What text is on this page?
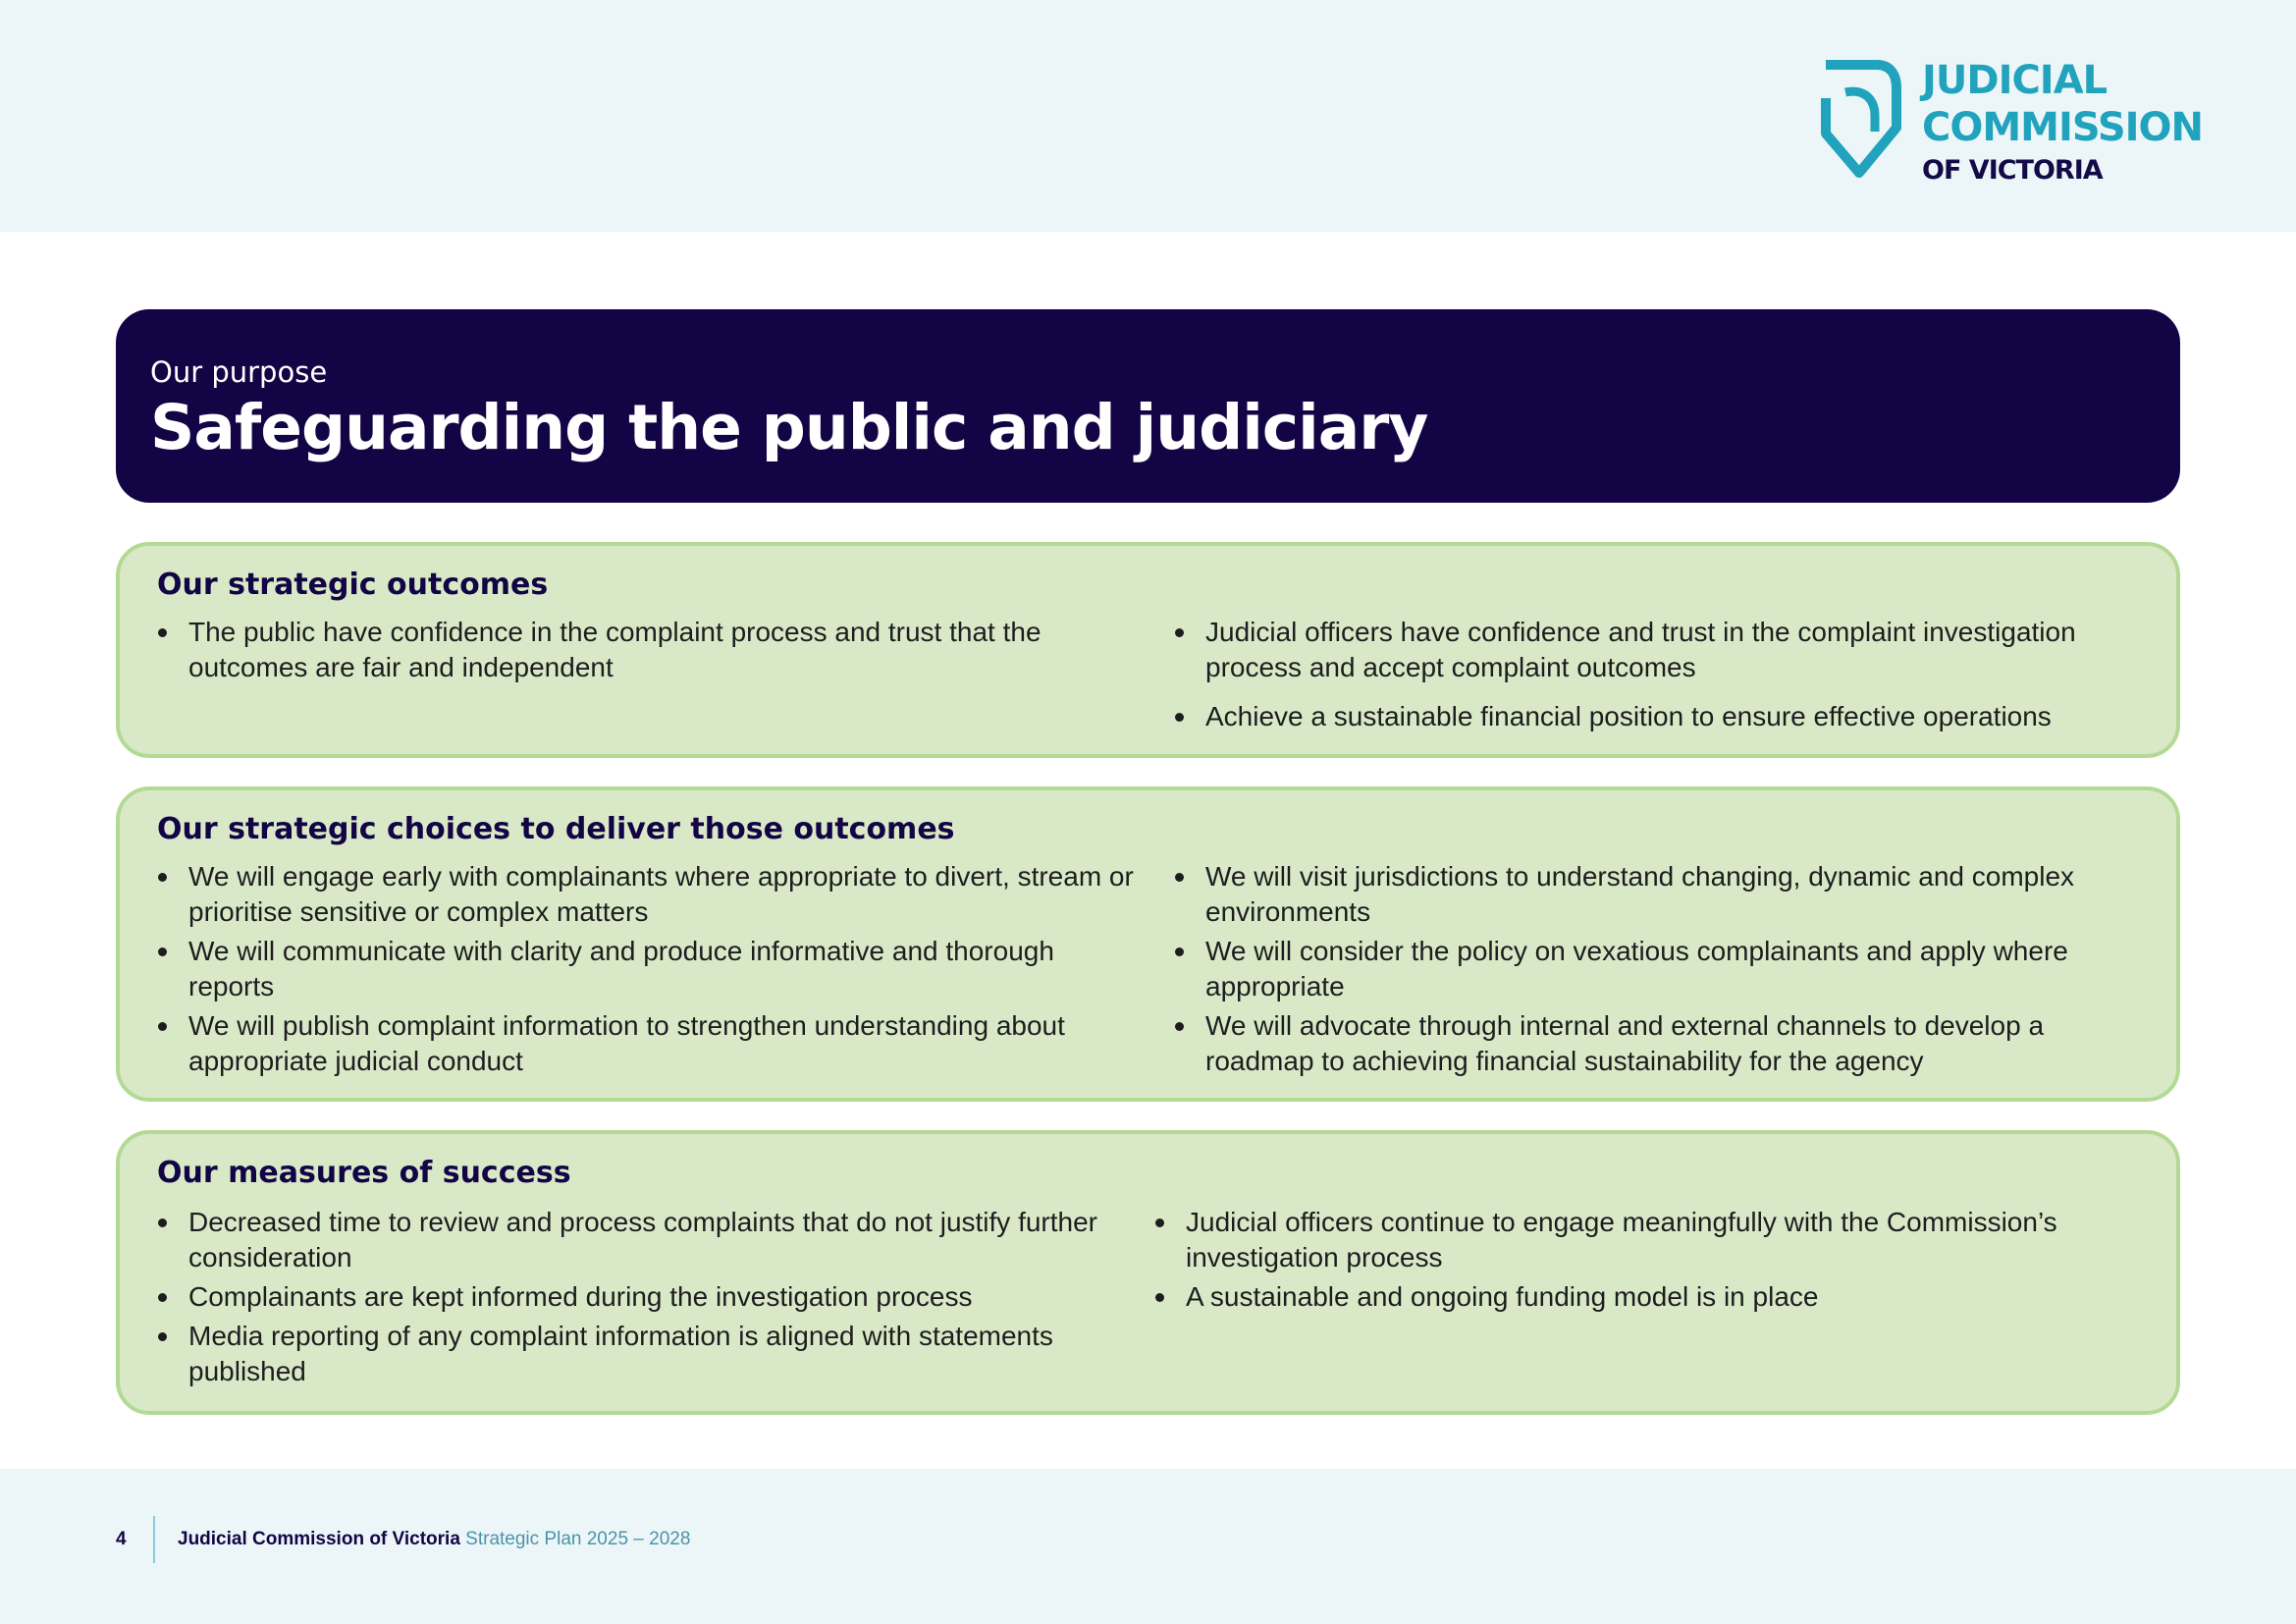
JUDICIAL
COMMISSION
OF VICTORIA
Our purpose
Safeguarding the public and judiciary
Our strategic outcomes
The public have confidence in the complaint process and trust that the outcomes are fair and independent
Judicial officers have confidence and trust in the complaint investigation process and accept complaint outcomes
Achieve a sustainable financial position to ensure effective operations
Our strategic choices to deliver those outcomes
We will engage early with complainants where appropriate to divert, stream or prioritise sensitive or complex matters
We will communicate with clarity and produce informative and thorough reports
We will publish complaint information to strengthen understanding about appropriate judicial conduct
We will visit jurisdictions to understand changing, dynamic and complex environments
We will consider the policy on vexatious complainants and apply where appropriate
We will advocate through internal and external channels to develop a roadmap to achieving financial sustainability for the agency
Our measures of success
Decreased time to review and process complaints that do not justify further consideration
Complainants are kept informed during the investigation process
Media reporting of any complaint information is aligned with statements published
Judicial officers continue to engage meaningfully with the Commission’s investigation process
A sustainable and ongoing funding model is in place
4	Judicial Commission of Victoria Strategic Plan 2025 – 2028
